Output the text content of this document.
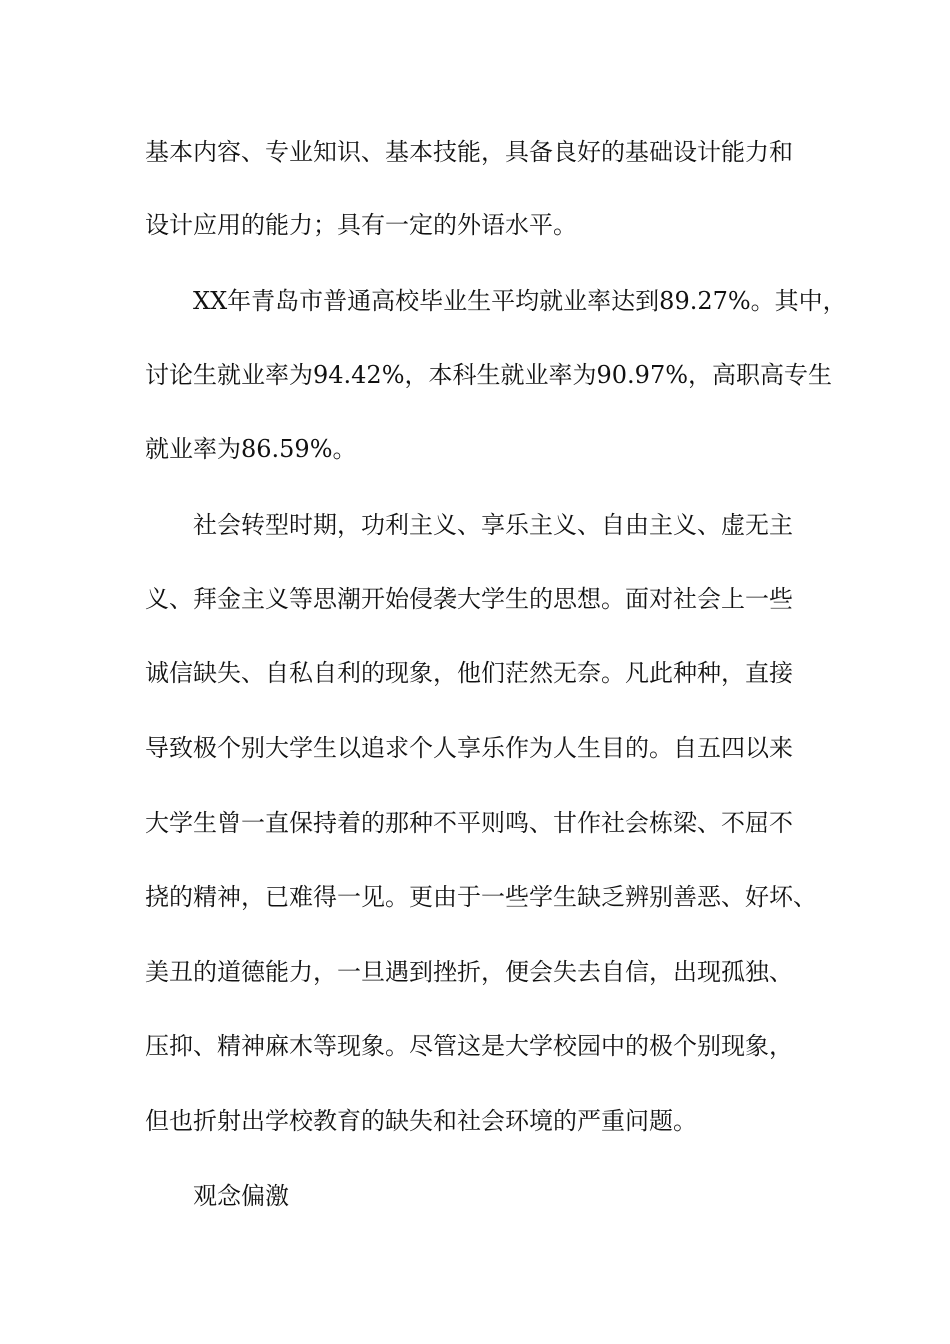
基本内容、专业知识、基本技能，具备良好的基础设计能力和
设计应用的能力；具有一定的外语水平。
XX年青岛市普通高校毕业生平均就业率达到89.27%。其中，
讨论生就业率为94.42%，本科生就业率为90.97%，高职高专生
就业率为86.59%。
社会转型时期，功利主义、享乐主义、自由主义、虚无主
义、拜金主义等思潮开始侵袭大学生的思想。面对社会上一些
诚信缺失、自私自利的现象，他们茫然无奈。凡此种种，直接
导致极个别大学生以追求个人享乐作为人生目的。自五四以来
大学生曾一直保持着的那种不平则鸣、甘作社会栋梁、不屈不
挠的精神，已难得一见。更由于一些学生缺乏辨别善恶、好坏、
美丑的道德能力，一旦遇到挫折，便会失去自信，出现孤独、
压抑、精神麻木等现象。尽管这是大学校园中的极个别现象，
但也折射出学校教育的缺失和社会环境的严重问题。
观念偏激
